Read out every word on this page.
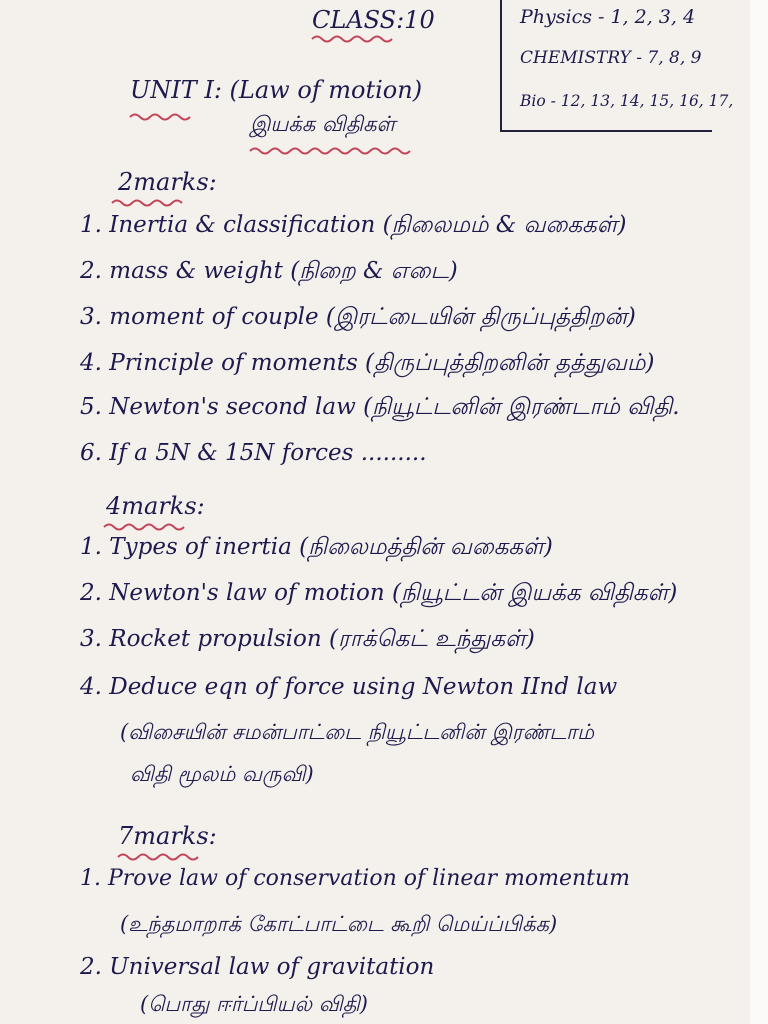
CLASS:10
UNIT I: (Law of motion)
இயக்க விதிகள்
Physics - 1, 2, 3, 4
CHEMISTRY - 7, 8, 9
Bio - 12, 13, 14, 15, 16, 17,
2marks:
1. Inertia & classification (நிலைமம் & வகைகள்)
2. mass & weight (நிறை & எடை)
3. moment of couple (இரட்டையின் திருப்புத்திறன்)
4. Principle of moments (திருப்புத்திறனின் தத்துவம்)
5. Newton's second law (நியூட்டனின் இரண்டாம் விதி.
6. If a 5N & 15N forces .........
4marks:
1. Types of inertia (நிலைமத்தின் வகைகள்)
2. Newton's law of motion (நியூட்டன் இயக்க விதிகள்)
3. Rocket propulsion (ராக்கெட் உந்துகள்)
4. Deduce eqn of force using Newton IInd law
(விசையின் சமன்பாட்டை நியூட்டனின் இரண்டாம்
விதி மூலம் வருவி)
7marks:
1. Prove law of conservation of linear momentum
(உந்தமாறாக் கோட்பாட்டை கூறி மெய்ப்பிக்க)
2. Universal law of gravitation
(பொது ஈர்ப்பியல் விதி)
